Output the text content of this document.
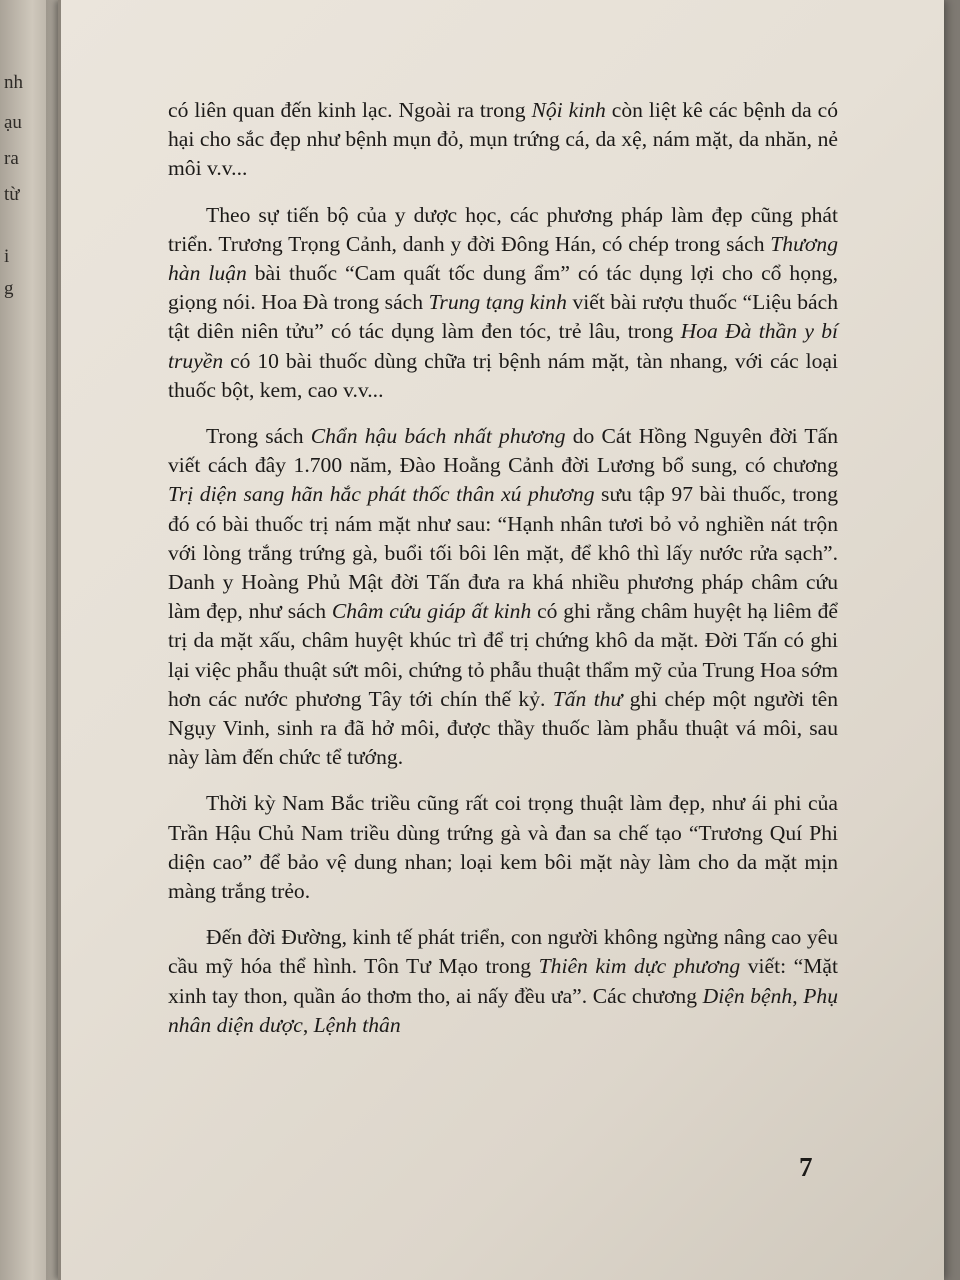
nh
ạu
ra
từ
i
g

có liên quan đến kinh lạc. Ngoài ra trong Nội kinh còn liệt kê các bệnh da có hại cho sắc đẹp như bệnh mụn đỏ, mụn trứng cá, da xệ, nám mặt, da nhăn, nẻ môi v.v...

Theo sự tiến bộ của y dược học, các phương pháp làm đẹp cũng phát triển. Trương Trọng Cảnh, danh y đời Đông Hán, có chép trong sách Thương hàn luận bài thuốc “Cam quất tốc dung ẩm” có tác dụng lợi cho cổ họng, giọng nói. Hoa Đà trong sách Trung tạng kinh viết bài rượu thuốc “Liệu bách tật diên niên tửu” có tác dụng làm đen tóc, trẻ lâu, trong Hoa Đà thần y bí truyền có 10 bài thuốc dùng chữa trị bệnh nám mặt, tàn nhang, với các loại thuốc bột, kem, cao v.v...

Trong sách Chẩn hậu bách nhất phương do Cát Hồng Nguyên đời Tấn viết cách đây 1.700 năm, Đào Hoằng Cảnh đời Lương bổ sung, có chương Trị diện sang hãn hắc phát thốc thân xú phương sưu tập 97 bài thuốc, trong đó có bài thuốc trị nám mặt như sau: “Hạnh nhân tươi bỏ vỏ nghiền nát trộn với lòng trắng trứng gà, buổi tối bôi lên mặt, để khô thì lấy nước rửa sạch”. Danh y Hoàng Phủ Mật đời Tấn đưa ra khá nhiều phương pháp châm cứu làm đẹp, như sách Châm cứu giáp ất kinh có ghi rằng châm huyệt hạ liêm để trị da mặt xấu, châm huyệt khúc trì để trị chứng khô da mặt. Đời Tấn có ghi lại việc phẫu thuật sứt môi, chứng tỏ phẫu thuật thẩm mỹ của Trung Hoa sớm hơn các nước phương Tây tới chín thế kỷ. Tấn thư ghi chép một người tên Ngụy Vinh, sinh ra đã hở môi, được thầy thuốc làm phẫu thuật vá môi, sau này làm đến chức tể tướng.

Thời kỳ Nam Bắc triều cũng rất coi trọng thuật làm đẹp, như ái phi của Trần Hậu Chủ Nam triều dùng trứng gà và đan sa chế tạo “Trương Quí Phi diện cao” để bảo vệ dung nhan; loại kem bôi mặt này làm cho da mặt mịn màng trắng trẻo.

Đến đời Đường, kinh tế phát triển, con người không ngừng nâng cao yêu cầu mỹ hóa thể hình. Tôn Tư Mạo trong Thiên kim dực phương viết: “Mặt xinh tay thon, quần áo thơm tho, ai nấy đều ưa”. Các chương Diện bệnh, Phụ nhân diện dược, Lệnh thân

7
